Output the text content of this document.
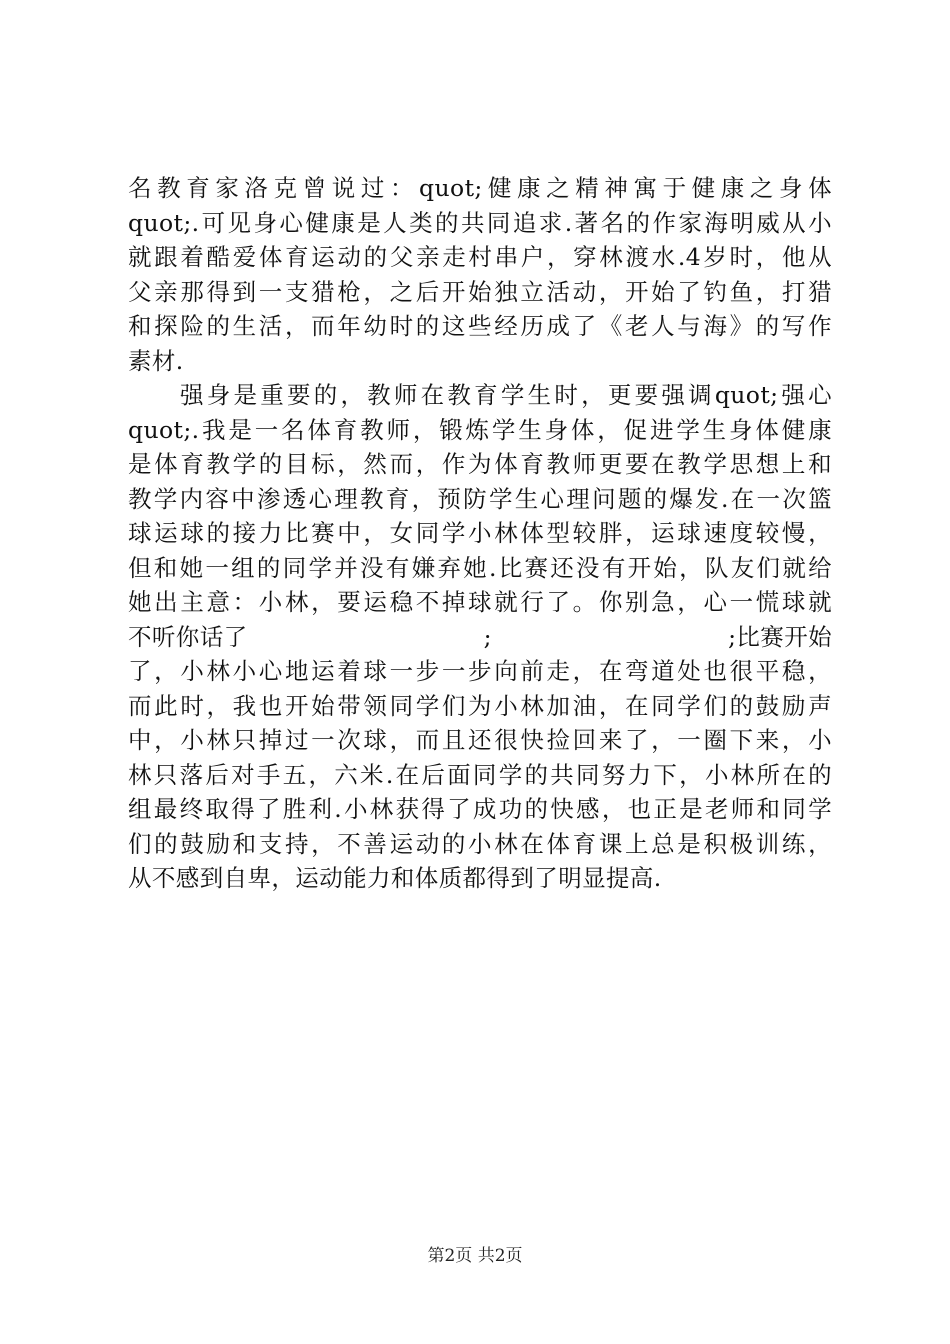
名教育家洛克曾说过：quot;健康之精神寓于健康之身体
quot;.可见身心健康是人类的共同追求.著名的作家海明威从小
就跟着酷爱体育运动的父亲走村串户，穿林渡水.4岁时，他从
父亲那得到一支猎枪，之后开始独立活动，开始了钓鱼，打猎
和探险的生活，而年幼时的这些经历成了《老人与海》的写作
素材.
强身是重要的，教师在教育学生时，更要强调quot;强心
quot;.我是一名体育教师，锻炼学生身体，促进学生身体健康
是体育教学的目标，然而，作为体育教师更要在教学思想上和
教学内容中渗透心理教育，预防学生心理问题的爆发.在一次篮
球运球的接力比赛中，女同学小林体型较胖，运球速度较慢，
但和她一组的同学并没有嫌弃她.比赛还没有开始，队友们就给
她出主意：小林，要运稳不掉球就行了。你别急，心一慌球就
不听你话了	;	;比赛开始
了，小林小心地运着球一步一步向前走，在弯道处也很平稳，
而此时，我也开始带领同学们为小林加油，在同学们的鼓励声
中，小林只掉过一次球，而且还很快捡回来了，一圈下来，小
林只落后对手五，六米.在后面同学的共同努力下，小林所在的
组最终取得了胜利.小林获得了成功的快感，也正是老师和同学
们的鼓励和支持，不善运动的小林在体育课上总是积极训练，
从不感到自卑，运动能力和体质都得到了明显提高.
第2页 共2页
